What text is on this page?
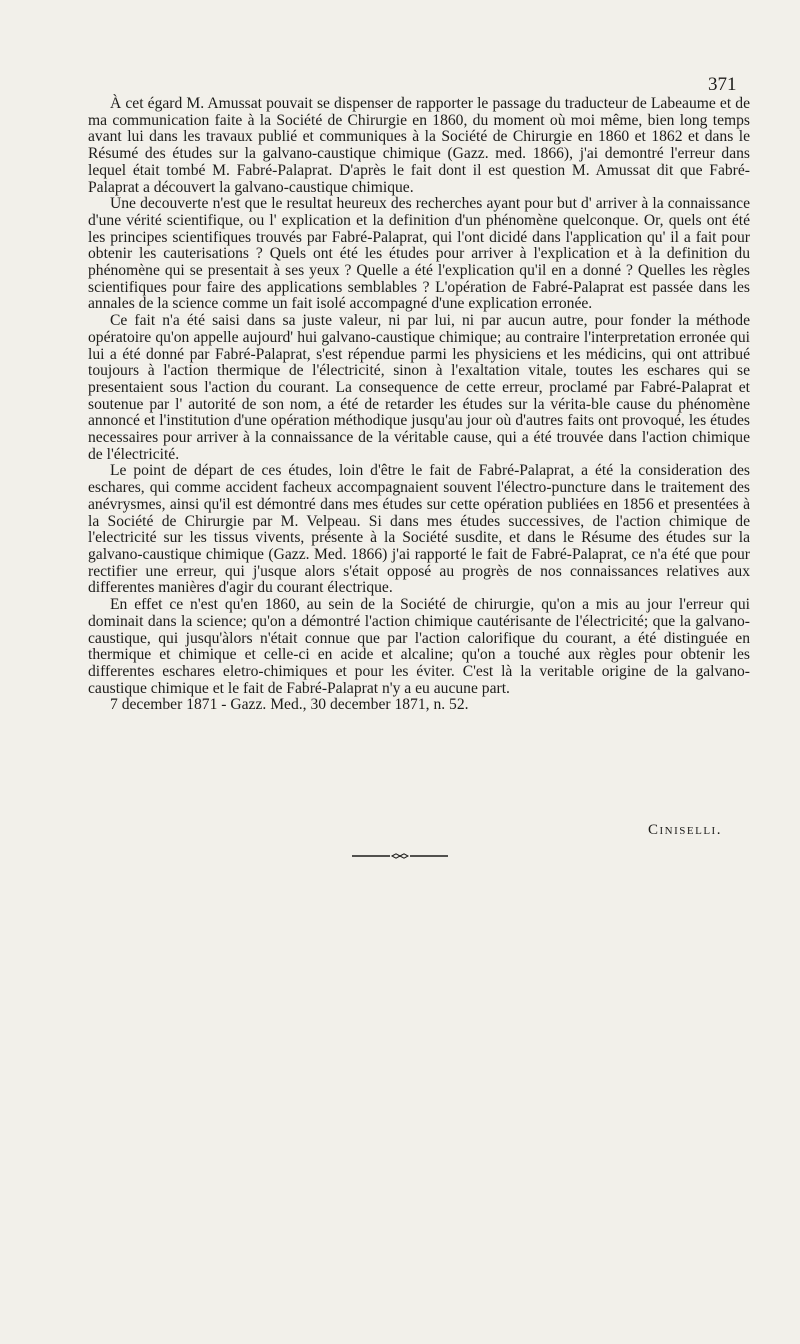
371

À cet égard M. Amussat pouvait se dispenser de rapporter le passage du traducteur de Labeaume et de ma communication faite à la Société de Chirurgie en 1860, du moment où moi même, bien long temps avant lui dans les travaux publié et communiques à la Société de Chirurgie en 1860 et 1862 et dans le Résumé des études sur la galvano-caustique chimique (Gazz. med. 1866), j'ai demontré l'erreur dans lequel était tombé M. Fabré-Palaprat. D'après le fait dont il est question M. Amussat dit que Fabré-Palaprat a découvert la galvano-caustique chimique.

Une decouverte n'est que le resultat heureux des recherches ayant pour but d' arriver à la connaissance d'une vérité scientifique, ou l' explication et la definition d'un phénomène quelconque. Or, quels ont été les principes scientifiques trouvés par Fabré-Palaprat, qui l'ont dicidé dans l'application qu' il a fait pour obtenir les cauterisations ? Quels ont été les études pour arriver à l'explication et à la definition du phénomène qui se presentait à ses yeux ? Quelle a été l'explication qu'il en a donné ? Quelles les règles scientifiques pour faire des applications semblables ? L'opération de Fabré-Palaprat est passée dans les annales de la science comme un fait isolé accompagné d'une explication erronée.

Ce fait n'a été saisi dans sa juste valeur, ni par lui, ni par aucun autre, pour fonder la méthode opératoire qu'on appelle aujourd' hui galvano-caustique chimique; au contraire l'interpretation erronée qui lui a été donné par Fabré-Palaprat, s'est répendue parmi les physiciens et les médicins, qui ont attribué toujours à l'action thermique de l'électricité, sinon à l'exaltation vitale, toutes les eschares qui se presentaient sous l'action du courant. La consequence de cette erreur, proclamé par Fabré-Palaprat et soutenue par l' autorité de son nom, a été de retarder les études sur la vérita-ble cause du phénomène annoncé et l'institution d'une opération méthodique jusqu'au jour où d'autres faits ont provoqué, les études necessaires pour arriver à la connaissance de la véritable cause, qui a été trouvée dans l'action chimique de l'électricité.

Le point de départ de ces études, loin d'être le fait de Fabré-Palaprat, a été la consideration des eschares, qui comme accident facheux accompagnaient souvent l'électro-puncture dans le traitement des anévrysmes, ainsi qu'il est démontré dans mes études sur cette opération publiées en 1856 et presentées à la Société de Chirurgie par M. Velpeau. Si dans mes études successives, de l'action chimique de l'electricité sur les tissus vivents, présente à la Société susdite, et dans le Résume des études sur la galvano-caustique chimique (Gazz. Med. 1866) j'ai rapporté le fait de Fabré-Palaprat, ce n'a été que pour rectifier une erreur, qui j'usque alors s'était opposé au progrès de nos connaissances relatives aux differentes manières d'agir du courant électrique.

En effet ce n'est qu'en 1860, au sein de la Société de chirurgie, qu'on a mis au jour l'erreur qui dominait dans la science; qu'on a démontré l'action chimique cautérisante de l'électricité; que la galvano-caustique, qui jusqu'àlors n'était connue que par l'action calorifique du courant, a été distinguée en thermique et chimique et celle-ci en acide et alcaline; qu'on a touché aux règles pour obtenir les differentes eschares eletro-chimiques et pour les éviter. C'est là la veritable origine de la galvano-caustique chimique et le fait de Fabré-Palaprat n'y a eu aucune part.

7 december 1871 - Gazz. Med., 30 december 1871, n. 52.

Ciniselli.
